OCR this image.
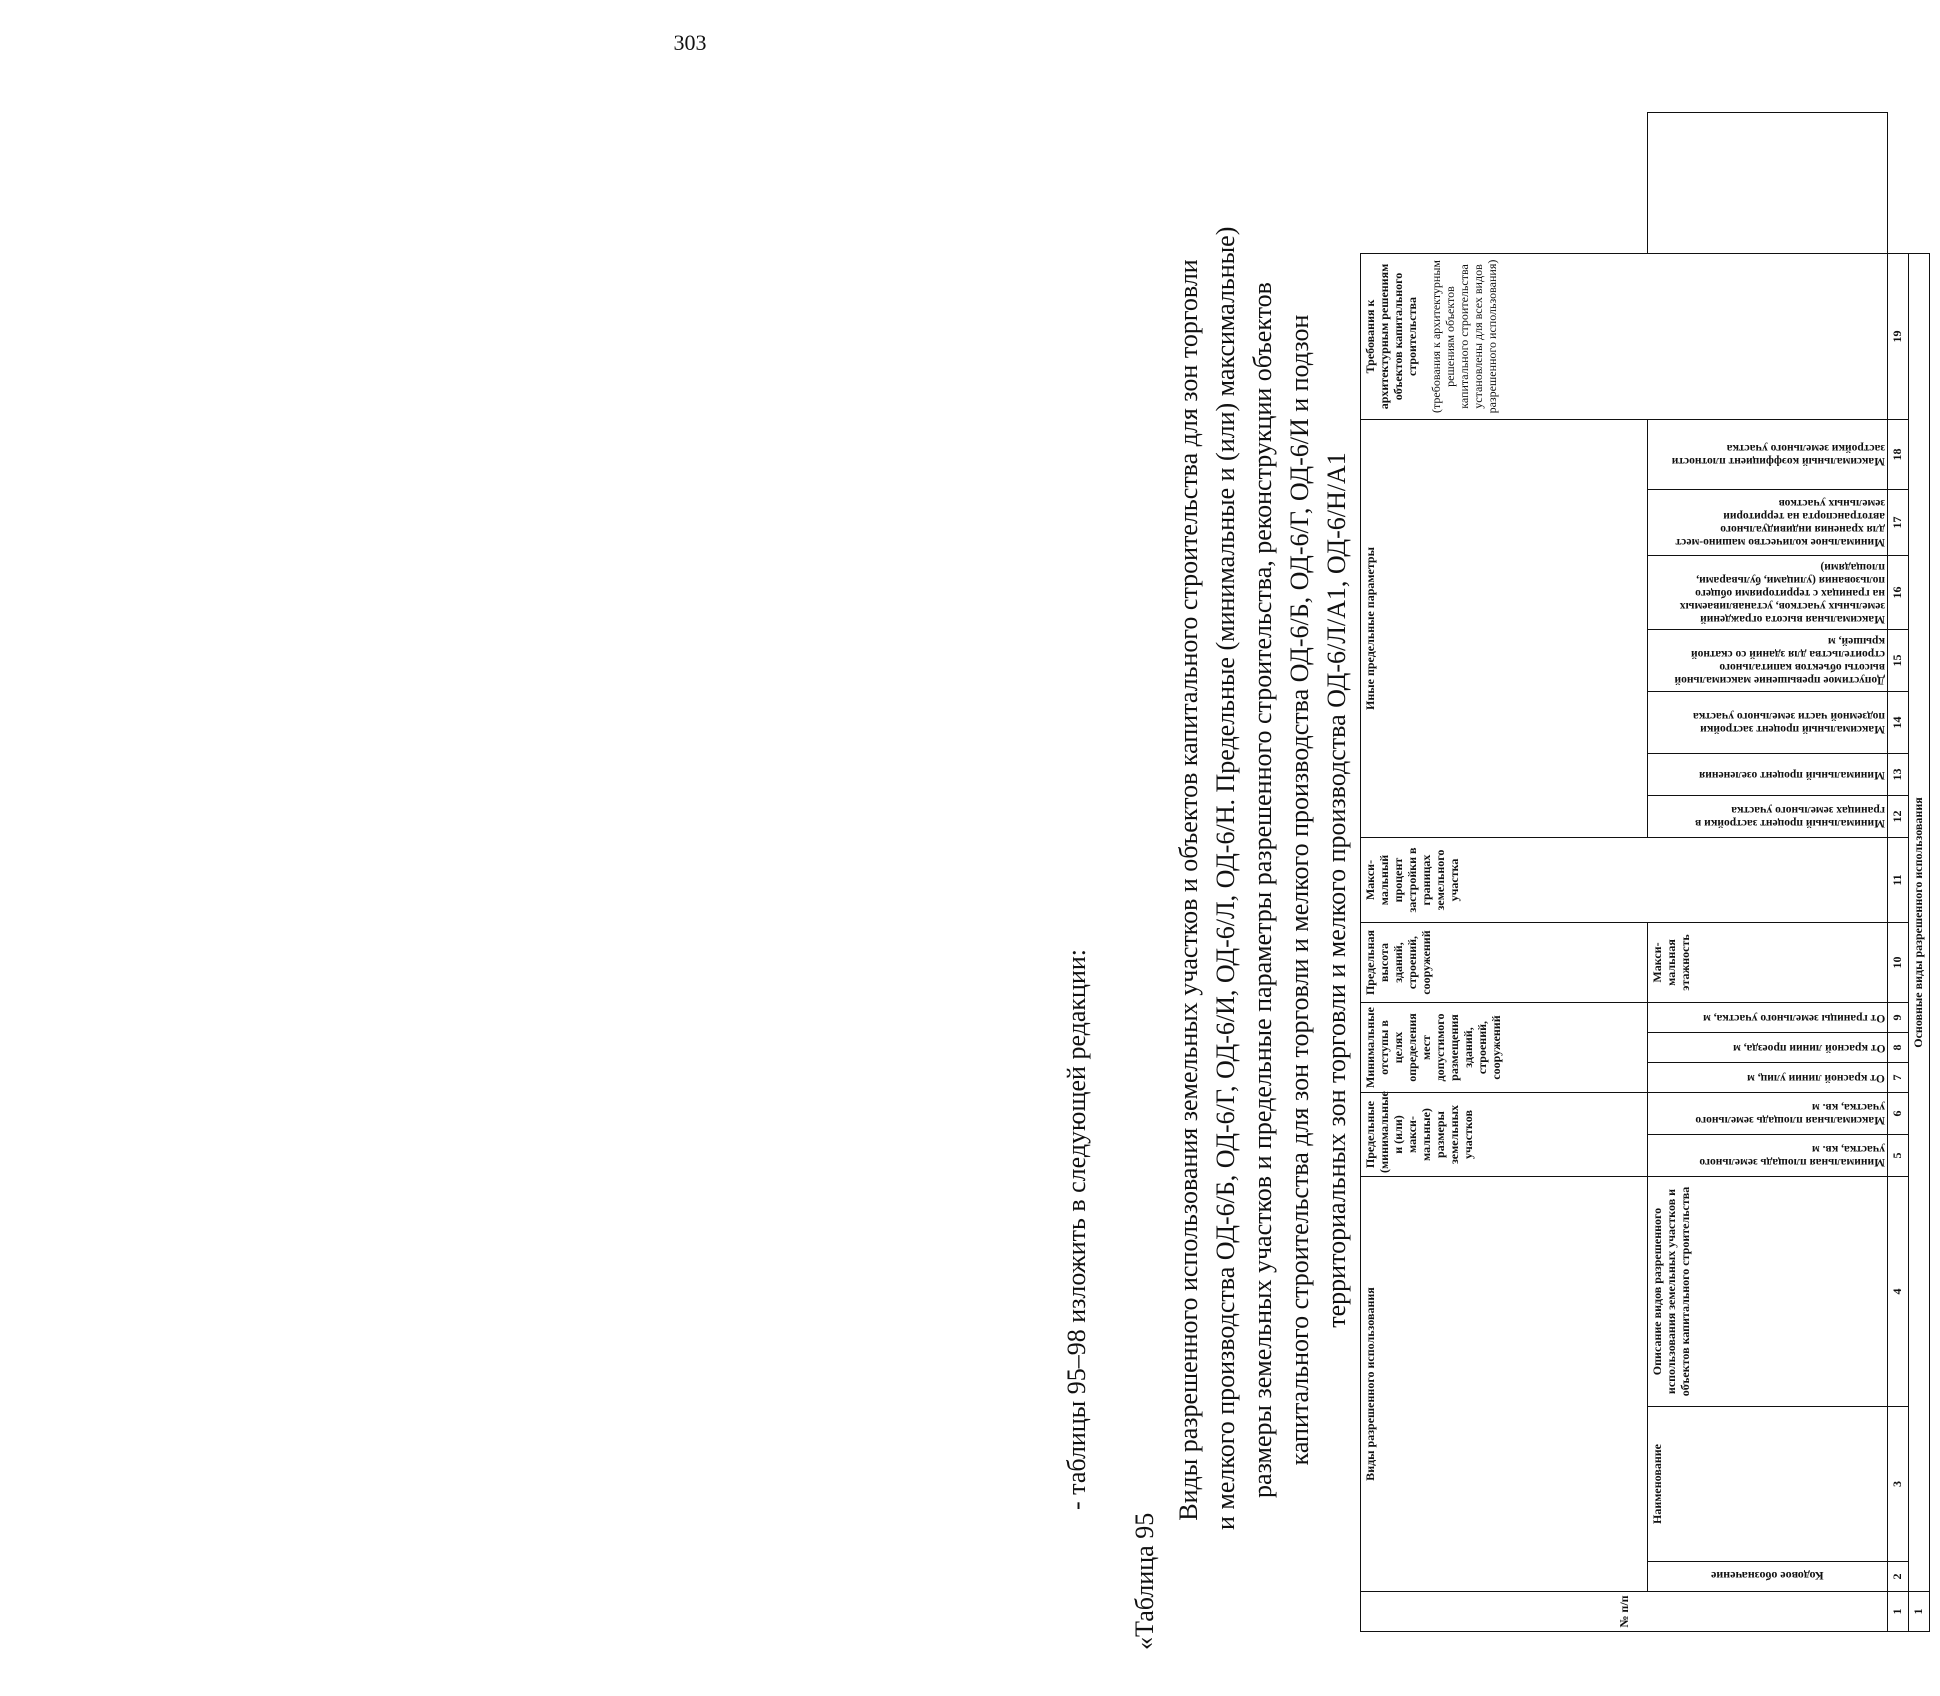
303
- таблицы 95–98 изложить в следующей редакции:
«Таблица 95
Виды разрешенного использования земельных участков и объектов капитального строительства для зон торговли и мелкого производства ОД-6/Б, ОД-6/Г, ОД-6/И, ОД-6/Л, ОД-6/Н. Предельные (минимальные и (или) максимальные) размеры земельных участков и предельные параметры разрешенного строительства, реконструкции объектов капитального строительства для зон торговли и мелкого производства ОД-6/Б, ОД-6/Г, ОД-6/И и подзон территориальных зон торговли и мелкого производства ОД-6/Л/А1, ОД-6/Н/А1
№ п/п	Виды разрешенного использования			Предельные (минимальные и (или) макси-мальные) размеры земельных участков		Минимальные отступы в целях определения мест допустимого размещения зданий, строений, сооружений			Предельная высота зданий, строений, сооружений	Макси-мальный процент застройки в границах земельного участка	Иные предельные параметры							Требования к архитектурным решениям объектов капитального строительства (требования к архитектурным решениям объектов капитального строительства установлены для всех видов разрешенного использования)	

	Кодовое обозначение	Наименование	Описание видов разрешенного использования земельных участков и объектов капитального строительства	Минимальная площадь земельного участка, кв. м	Максимальная площадь земельного участка, кв. м	От красной линии улиц, м	От красной линии проезда, м	От границы земельного участка, м	Макси-мальная этажность		Минимальный процент застройки в границах земельного участка	Минимальный процент озеленения	Максимальный процент застройки подземной части земельного участка	Допустимое превышение максимальной высоты объектов капитального строительства для зданий со скатной крышей, м	Максимальная высота ограждений земельных участков, устанавливаемых на границах с территориями общего пользования (улицами, бульварами, площадями)	Минимальное количество машино-мест для хранения индивидуального автотранспорта на территории земельных участков	Максимальный коэффициент плотности застройки земельного участка		

1	2	3	4	5	6	7	8	9	10	11	12	13	14	15	16	17	18	19	
1	Основные виды разрешенного использования																		
